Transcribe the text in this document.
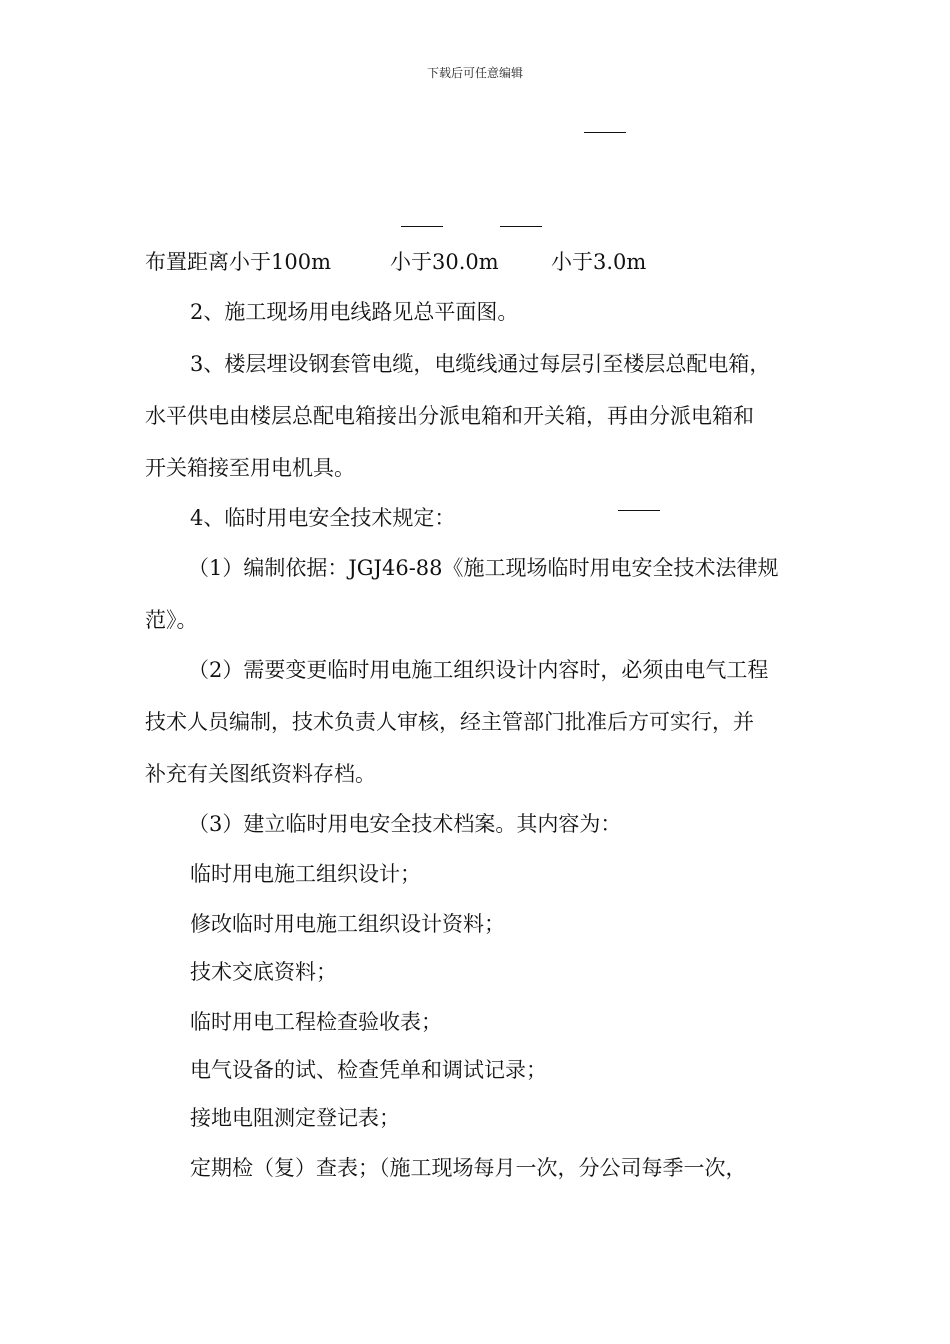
下载后可任意编辑
布置距离小于100m	小于30.0m 小于3.0m
2、施工现场用电线路见总平面图。
3、楼层埋设钢套管电缆，电缆线通过每层引至楼层总配电箱，
水平供电由楼层总配电箱接出分派电箱和开关箱，再由分派电箱和
开关箱接至用电机具。
4、临时用电安全技术规定：
（1）编制依据：JGJ46-88《施工现场临时用电安全技术法律规
范》。
（2）需要变更临时用电施工组织设计内容时，必须由电气工程
技术人员编制，技术负责人审核，经主管部门批准后方可实行，并
补充有关图纸资料存档。
（3）建立临时用电安全技术档案。其内容为：
临时用电施工组织设计；
修改临时用电施工组织设计资料；
技术交底资料；
临时用电工程检查验收表；
电气设备的试、检查凭单和调试记录；
接地电阻测定登记表；
定期检（复）查表；（施工现场每月一次，分公司每季一次，
